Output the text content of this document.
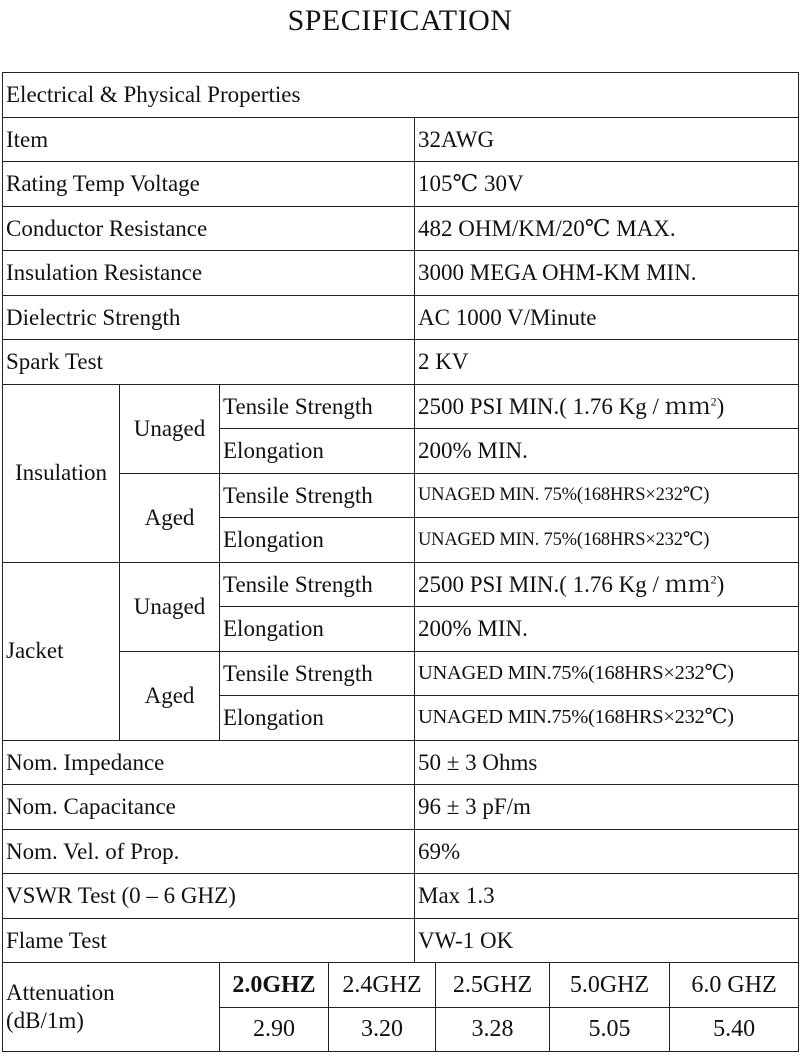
SPECIFICATION
Electrical & Physical Properties							
Item				32AWG			
Rating Temp Voltage				105℃ 30V			
Conductor Resistance				482 OHM/KM/20℃ MAX.			
Insulation Resistance				3000 MEGA OHM-KM MIN.			
Dielectric Strength				AC 1000 V/Minute			
Spark Test				2 KV			
Insulation	Unaged	Tensile Strength		2500 PSI MIN.( 1.76 Kg / ｍｍ$^2$)			
		Elongation		200% MIN.			
	Aged	Tensile Strength		UNAGED MIN. 75%(168HRS×232℃)			
		Elongation		UNAGED MIN. 75%(168HRS×232℃)			
Jacket	Unaged	Tensile Strength		2500 PSI MIN.( 1.76 Kg / ｍｍ$^2$)			
		Elongation		200% MIN.			
	Aged	Tensile Strength		UNAGED MIN.75%(168HRS×232℃)			
		Elongation		UNAGED MIN.75%(168HRS×232℃)			
Nom. Impedance				50 ± 3 Ohms			
Nom. Capacitance				96 ± 3 pF/m			
Nom. Vel. of Prop.				69%			
VSWR Test (0 – 6 GHZ)				Max 1.3			
Flame Test				VW-1 OK			
Attenuation
(dB/1m)		2.0GHZ	2.4GHZ		2.5GHZ	5.0GHZ	6.0 GHZ
		2.90	3.20		3.28	5.05	5.40
